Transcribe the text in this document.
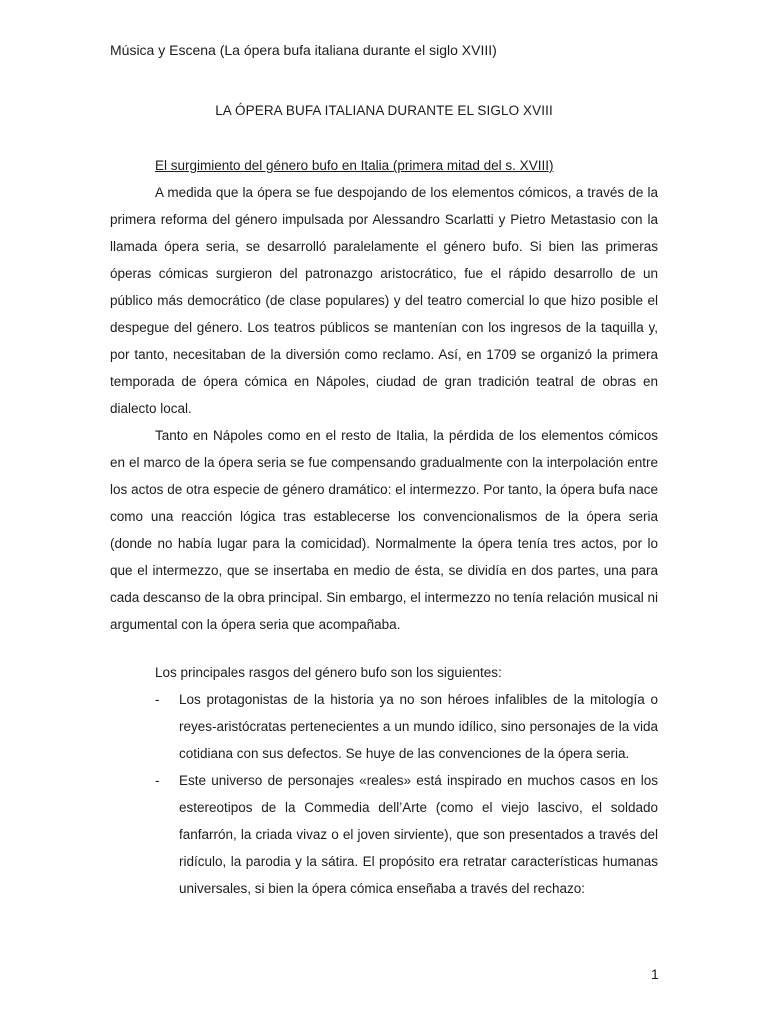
Música y Escena (La ópera bufa italiana durante el siglo XVIII)
LA ÓPERA BUFA ITALIANA DURANTE EL SIGLO XVIII

El surgimiento del género bufo en Italia (primera mitad del s. XVIII)

A medida que la ópera se fue despojando de los elementos cómicos, a través de la primera reforma del género impulsada por Alessandro Scarlatti y Pietro Metastasio con la llamada ópera seria, se desarrolló paralelamente el género bufo. Si bien las primeras óperas cómicas surgieron del patronazgo aristocrático, fue el rápido desarrollo de un público más democrático (de clase populares) y del teatro comercial lo que hizo posible el despegue del género. Los teatros públicos se mantenían con los ingresos de la taquilla y, por tanto, necesitaban de la diversión como reclamo. Así, en 1709 se organizó la primera temporada de ópera cómica en Nápoles, ciudad de gran tradición teatral de obras en dialecto local.

Tanto en Nápoles como en el resto de Italia, la pérdida de los elementos cómicos en el marco de la ópera seria se fue compensando gradualmente con la interpolación entre los actos de otra especie de género dramático: el intermezzo. Por tanto, la ópera bufa nace como una reacción lógica tras establecerse los convencionalismos de la ópera seria (donde no había lugar para la comicidad). Normalmente la ópera tenía tres actos, por lo que el intermezzo, que se insertaba en medio de ésta, se dividía en dos partes, una para cada descanso de la obra principal. Sin embargo, el intermezzo no tenía relación musical ni argumental con la ópera seria que acompañaba.

Los principales rasgos del género bufo son los siguientes:

- Los protagonistas de la historia ya no son héroes infalibles de la mitología o reyes-aristócratas pertenecientes a un mundo idílico, sino personajes de la vida cotidiana con sus defectos. Se huye de las convenciones de la ópera seria.
- Este universo de personajes «reales» está inspirado en muchos casos en los estereotipos de la Commedia dell’Arte (como el viejo lascivo, el soldado fanfarrón, la criada vivaz o el joven sirviente), que son presentados a través del ridículo, la parodia y la sátira. El propósito era retratar características humanas universales, si bien la ópera cómica enseñaba a través del rechazo:
1
